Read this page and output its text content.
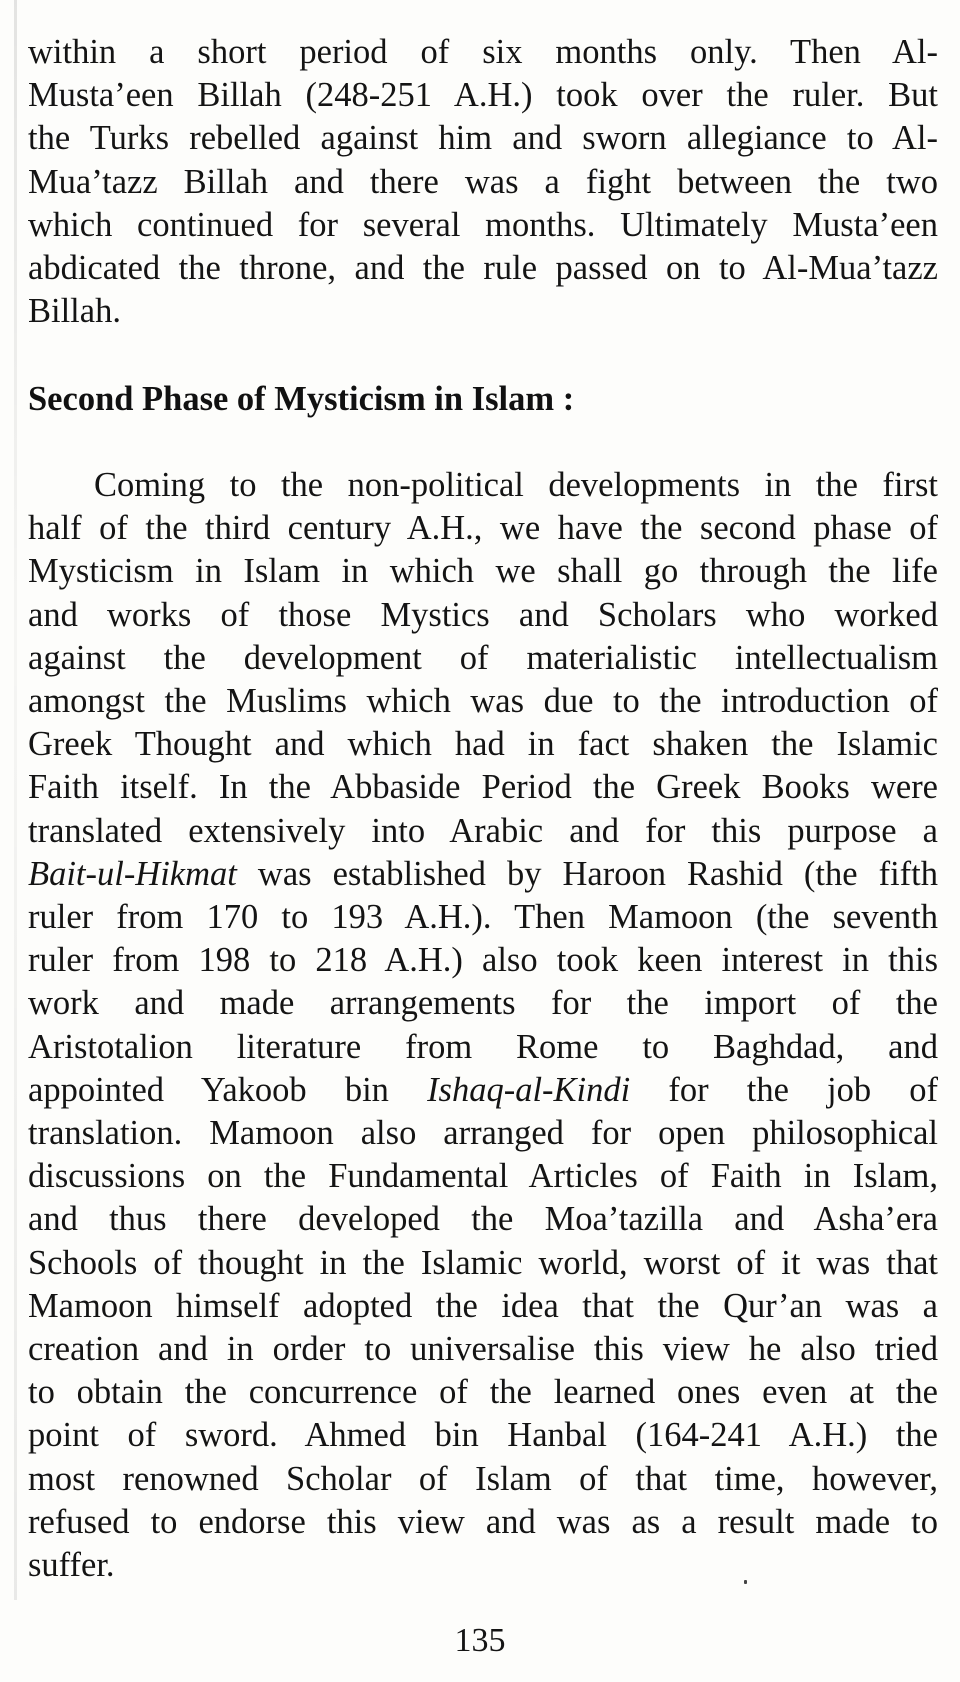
within a short period of six months only. Then Al-
Musta’een Billah (248-251 A.H.) took over the ruler. But
the Turks rebelled against him and sworn allegiance to Al-
Mua’tazz Billah and there was a fight between the two
which continued for several months. Ultimately Musta’een
abdicated the throne, and the rule passed on to Al-Mua’tazz
Billah.
Second Phase of Mysticism in Islam :
Coming to the non-political developments in the first
half of the third century A.H., we have the second phase of
Mysticism in Islam in which we shall go through the life
and works of those Mystics and Scholars who worked
against the development of materialistic intellectualism
amongst the Muslims which was due to the introduction of
Greek Thought and which had in fact shaken the Islamic
Faith itself. In the Abbaside Period the Greek Books were
translated extensively into Arabic and for this purpose a
Bait-ul-Hikmat was established by Haroon Rashid (the fifth
ruler from 170 to 193 A.H.). Then Mamoon (the seventh
ruler from 198 to 218 A.H.) also took keen interest in this
work and made arrangements for the import of the
Aristotalion literature from Rome to Baghdad, and
appointed Yakoob bin Ishaq-al-Kindi for the job of
translation. Mamoon also arranged for open philosophical
discussions on the Fundamental Articles of Faith in Islam,
and thus there developed the Moa’tazilla and Asha’era
Schools of thought in the Islamic world, worst of it was that
Mamoon himself adopted the idea that the Qur’an was a
creation and in order to universalise this view he also tried
to obtain the concurrence of the learned ones even at the
point of sword. Ahmed bin Hanbal (164-241 A.H.) the
most renowned Scholar of Islam of that time, however,
refused to endorse this view and was as a result made to
suffer.
135
